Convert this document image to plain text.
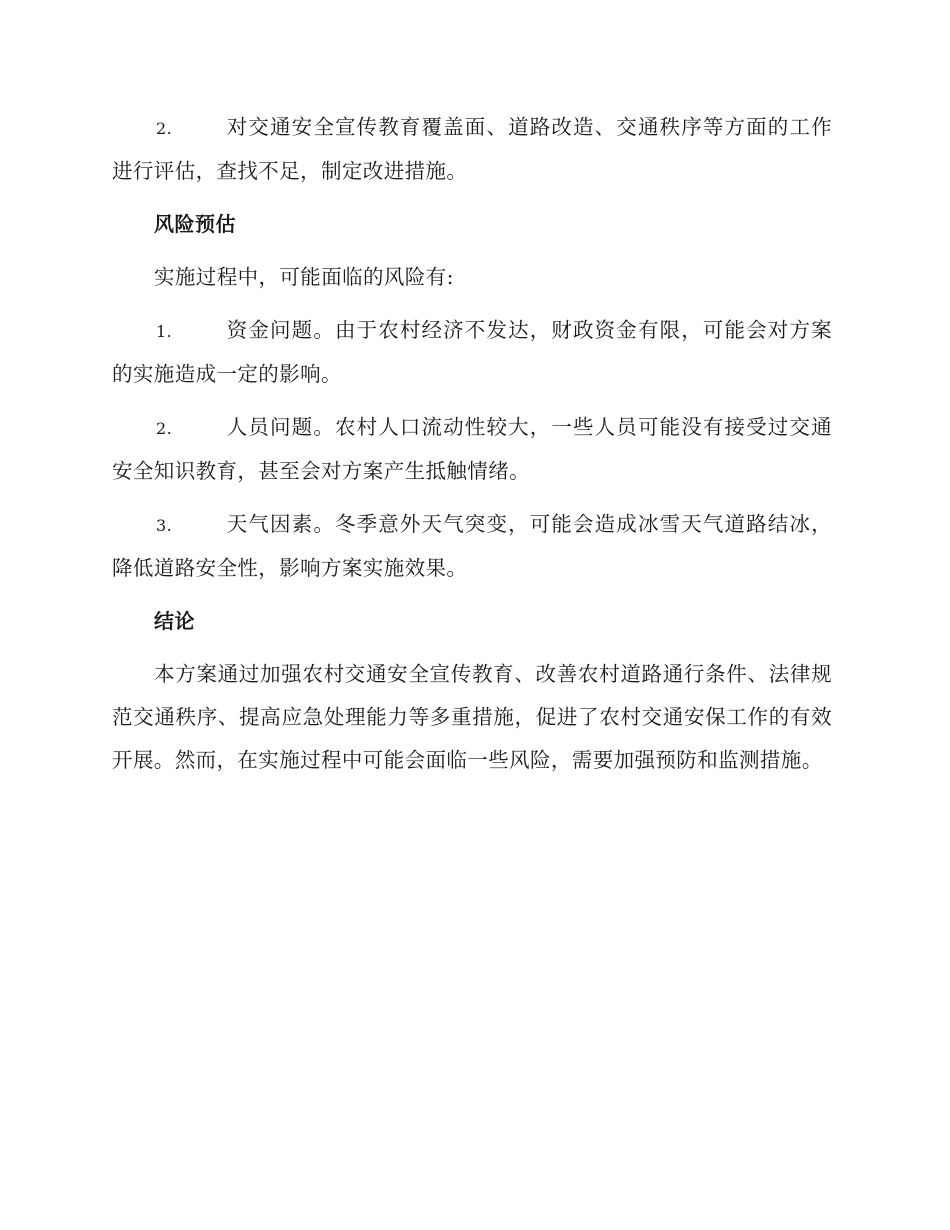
2.	对交通安全宣传教育覆盖面、道路改造、交通秩序等方面的工作进行评估，查找不足，制定改进措施。

风险预估

实施过程中，可能面临的风险有:

1.	资金问题。由于农村经济不发达，财政资金有限，可能会对方案的实施造成一定的影响。

2.	人员问题。农村人口流动性较大，一些人员可能没有接受过交通安全知识教育，甚至会对方案产生抵触情绪。

3.	天气因素。冬季意外天气突变，可能会造成冰雪天气道路结冰，降低道路安全性，影响方案实施效果。

结论

本方案通过加强农村交通安全宣传教育、改善农村道路通行条件、法律规范交通秩序、提高应急处理能力等多重措施，促进了农村交通安保工作的有效开展。然而，在实施过程中可能会面临一些风险，需要加强预防和监测措施。
